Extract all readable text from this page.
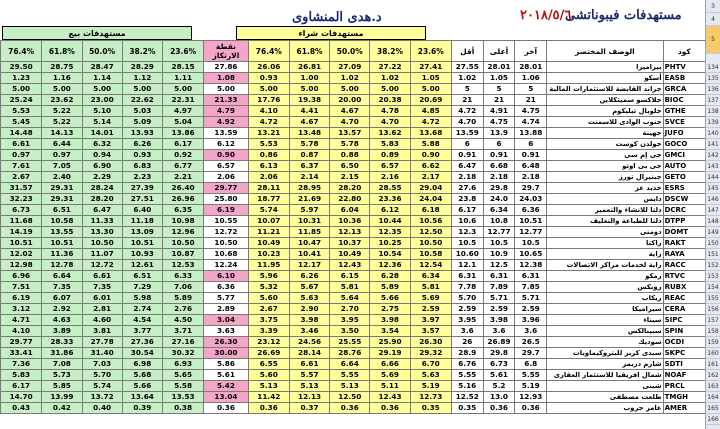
٢٠١٨/٥/٦
مستهدفات فيبوناتشى
د.هدى المنشاوى
مستهدفات بيع	مستهدفات شراء
76.4%	61.8%	50.0%	38.2%	23.6%	نقطة الارتكاز	76.4%	61.8%	50.0%	38.2%	23.6%	أقل	أعلى	آخر	الوصف المختصر	كود
29.50	28.75	28.47	28.29	28.15	27.86	26.06	26.81	27.09	27.22	27.41	27.55	28.01	28.01	بيراميزا	PHTV
1.23	1.16	1.14	1.12	1.11	1.08	0.93	1.00	1.02	1.02	1.05	1.02	1.05	1.06	أسكو	EASB
5.00	5.00	5.00	5.00	5.00	5.00	5.00	5.00	5.00	5.00	5.00	5	5	5	جراند القابضة للاستثمارات المالية	GRCA
25.24	23.62	23.00	22.62	22.31	21.33	17.76	19.38	20.00	20.38	20.69	21	21	21	جلاكسو سميثكلاين	BIOC
5.53	5.22	5.10	5.03	4.97	4.79	4.10	4.41	4.67	4.78	4.85	4.72	4.91	4.75	جلوبال تيليكوم	GTHE
5.45	5.22	5.14	5.09	5.04	4.92	4.72	4.67	4.70	4.70	4.72	4.70	4.75	4.74	جنوب الوادى للاسمنت	SVCE
14.48	14.13	14.01	13.93	13.86	13.59	13.21	13.48	13.57	13.62	13.68	13.59	13.9	13.88	جهينة	JUFO
6.61	6.44	6.32	6.26	6.17	6.12	5.53	5.78	5.78	5.83	5.88	6	6	6	جولدن كوست	GOCO
0.97	0.97	0.94	0.93	0.92	0.90	0.86	0.87	0.88	0.89	0.90	0.91	0.91	0.91	جى إم سى	GMCI
7.61	7.05	6.90	6.83	6.77	6.57	6.13	6.37	6.50	6.57	6.62	6.47	6.68	6.48	جى بى اوتو	AUTO
2.67	2.40	2.29	2.23	2.21	2.06	2.06	2.14	2.15	2.16	2.17	2.18	2.18	2.18	جينيرال تورز	GETO
31.57	29.31	28.24	27.39	26.40	29.77	28.11	28.95	28.20	28.55	29.04	27.6	29.8	29.7	حديد عز	ESRS
32.23	29.31	28.20	27.51	26.96	25.80	18.77	21.69	22.80	23.36	24.04	23.8	24.0	24.03	دايس	DSCW
6.73	6.51	6.47	6.40	6.35	6.19	5.74	5.97	6.04	6.12	6.18	6.17	6.34	6.36	دلتا للانشاء والتعمير	DCRC
11.68	10.58	11.33	11.18	10.98	10.55	10.07	10.31	10.36	10.44	10.56	10.6	10.8	10.51	دلتا للطباعة والتغليف	DTPP
14.19	13.55	13.30	13.09	12.96	12.72	11.21	11.85	12.13	12.35	12.50	12.3	12.77	12.77	دومتى	DOMT
10.51	10.51	10.50	10.51	10.50	10.50	10.49	10.47	10.37	10.25	10.50	10.5	10.5	10.5	راكتا	RAKT
12.02	11.36	11.07	10.93	10.87	10.68	10.23	10.41	10.49	10.54	10.58	10.60	10.9	10.65	راية	RAYA
12.98	12.78	12.72	12.61	12.53	12.24	11.95	12.17	12.43	12.36	12.54	12.1	12.5	12.38	راية لخدمات مراكز الاتصالات	RACC
6.96	6.64	6.61	6.51	6.33	6.10	5.96	6.26	6.15	6.28	6.34	6.31	6.31	6.31	رمكو	RTVC
7.51	7.35	7.35	7.29	7.06	6.36	5.32	5.67	5.81	5.89	5.81	7.78	7.89	7.85	روبكس	RUBX
6.19	6.07	6.01	5.98	5.89	5.77	5.60	5.63	5.64	5.66	5.69	5.70	5.71	5.71	ريكاب	REAC
3.12	2.92	2.81	2.74	2.76	2.89	2.67	2.90	2.70	2.75	2.59	2.59	2.59	2.59	سيراميكا	CERA
4.71	4.63	4.60	4.54	4.50	3.04	3.75	3.98	3.95	3.98	3.97	3.95	3.98	3.96	سيناء	SIPC
4.10	3.89	3.81	3.77	3.71	3.63	3.39	3.46	3.50	3.54	3.57	3.6	3.6	3.6	سبينالكس	SPIN
29.77	28.33	27.78	27.36	27.16	26.30	23.12	24.56	25.55	25.90	26.30	26	26.89	26.5	سوديك	OCDI
33.41	31.86	31.40	30.54	30.32	30.00	26.69	28.14	28.76	29.19	29.32	28.9	29.8	29.7	سيدى كرير للبتروكيماويات	SKPC
7.36	7.08	7.03	6.98	6.93	5.86	6.55	6.61	6.64	6.66	6.70	6.76	6.73	6.8	شارم دريمز	SDTI
5.83	5.73	5.70	5.68	5.65	5.61	5.60	5.57	5.55	5.69	5.63	5.55	5.61	5.55	شمال افريقيا للاستثمار العقارى	NOAF
6.17	5.85	5.74	5.66	5.58	5.42	5.13	5.13	5.13	5.11	5.19	5.16	5.2	5.19	شينى	PRCL
14.70	13.99	13.72	13.64	13.53	13.04	11.42	12.13	12.50	12.43	12.73	12.52	13.0	12.93	طلعت مصطفى	TMGH
0.43	0.42	0.40	0.39	0.38	0.36	0.36	0.37	0.36	0.36	0.35	0.35	0.36	0.36	عامر جروب	AMER
3
4
5
134
135
136
137
138
139
140
141
142
143
144
145
146
147
148
149
150
151
152
153
154
155
156
157
158
159
160
161
162
163
164
165
166
